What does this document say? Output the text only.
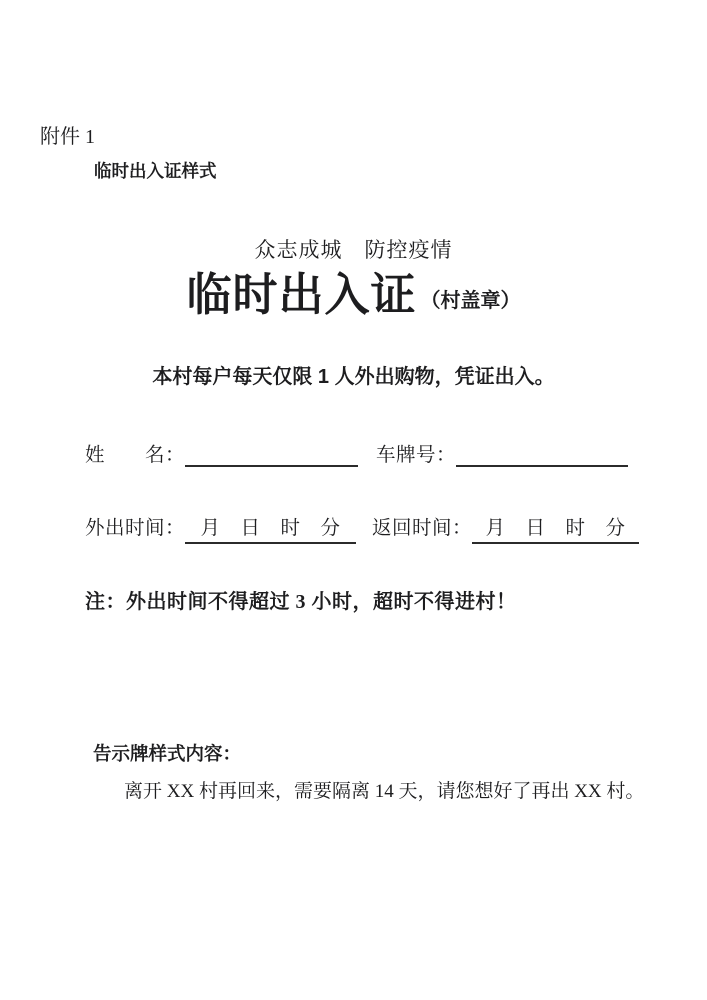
附件 1
临时出入证样式
众志成城　防控疫情
临时出入证 （村盖章）
本村每户每天仅限 1 人外出购物，凭证出入。
姓　　名：	车牌号：
外出时间： 月　日　时　分 返回时间： 月　日　时　分
注：外出时间不得超过 3 小时，超时不得进村！
告示牌样式内容：
离开 XX 村再回来，需要隔离 14 天，请您想好了再出 XX 村。
